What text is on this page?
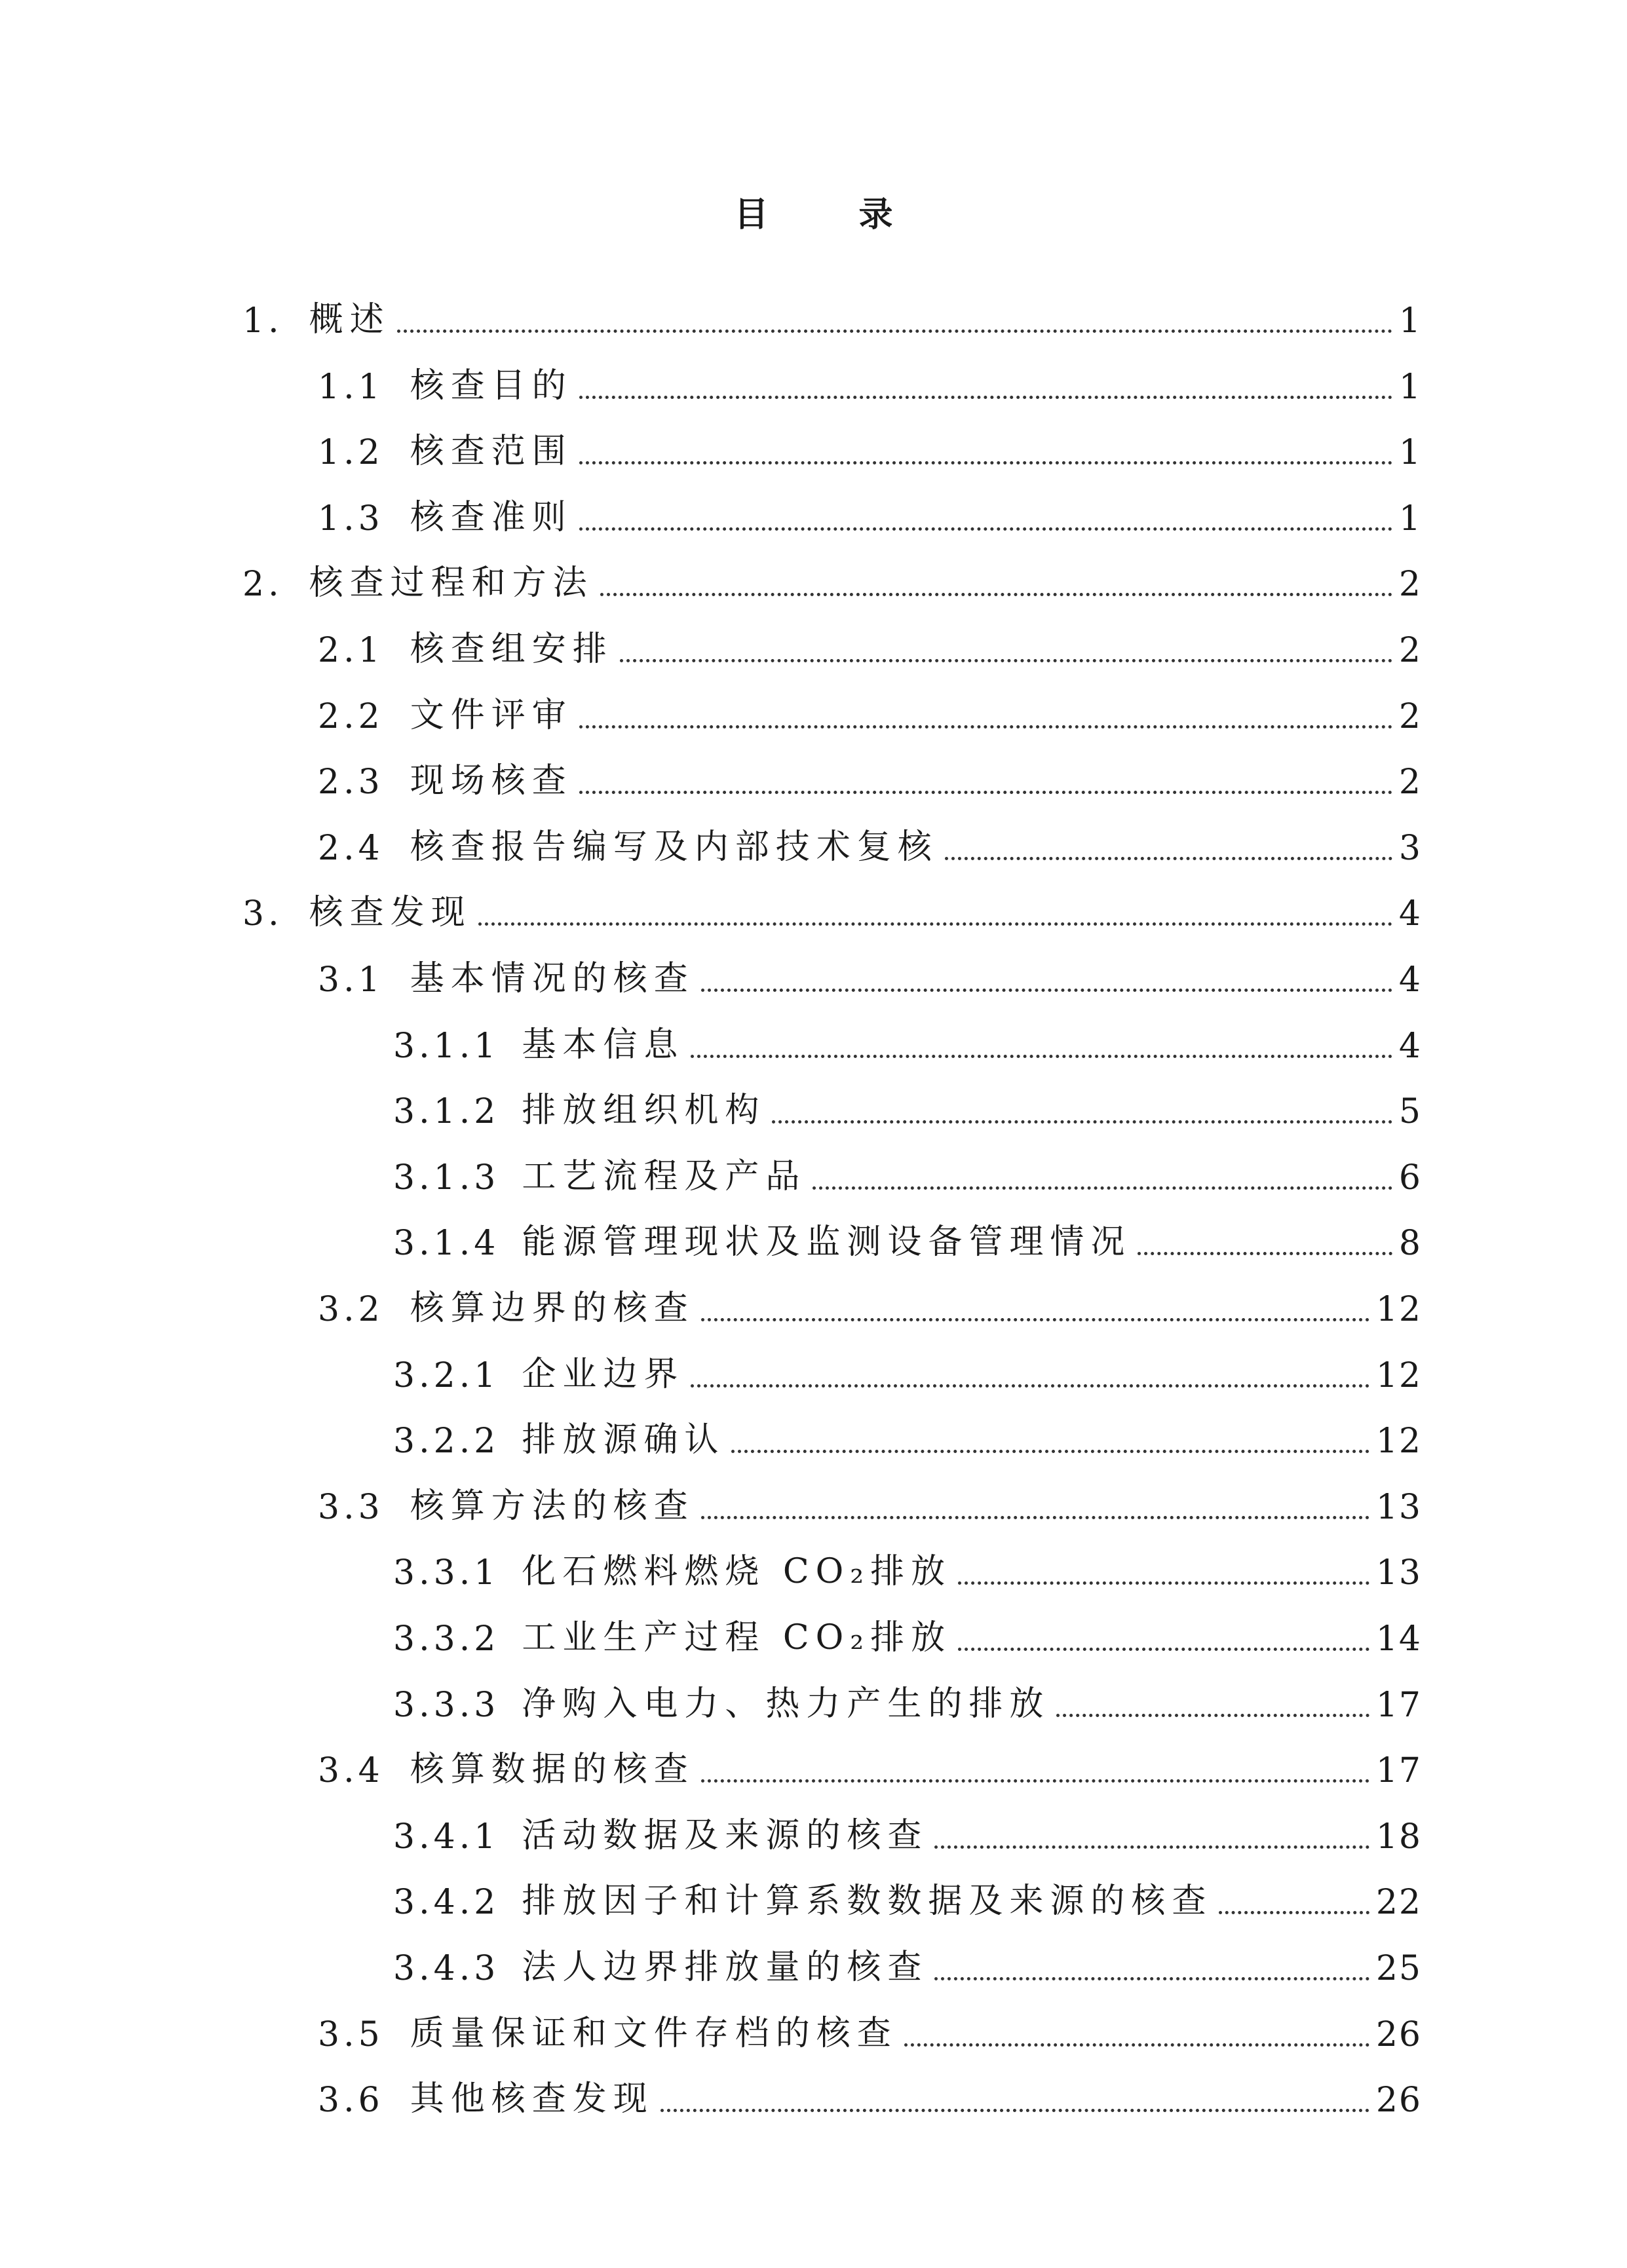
目 录
1. 概述	1
1.1 核查目的	1
1.2 核查范围	1
1.3 核查准则	1
2. 核查过程和方法	2
2.1 核查组安排	2
2.2 文件评审	2
2.3 现场核查	2
2.4 核查报告编写及内部技术复核	3
3. 核查发现	4
3.1 基本情况的核查	4
3.1.1 基本信息	4
3.1.2 排放组织机构	5
3.1.3 工艺流程及产品	6
3.1.4 能源管理现状及监测设备管理情况	8
3.2 核算边界的核查	12
3.2.1 企业边界	12
3.2.2 排放源确认	12
3.3 核算方法的核查	13
3.3.1 化石燃料燃烧 CO₂排放	13
3.3.2 工业生产过程 CO₂排放	14
3.3.3 净购入电力、热力产生的排放	17
3.4 核算数据的核查	17
3.4.1 活动数据及来源的核查	18
3.4.2 排放因子和计算系数数据及来源的核查	22
3.4.3 法人边界排放量的核查	25
3.5 质量保证和文件存档的核查	26
3.6 其他核查发现	26
